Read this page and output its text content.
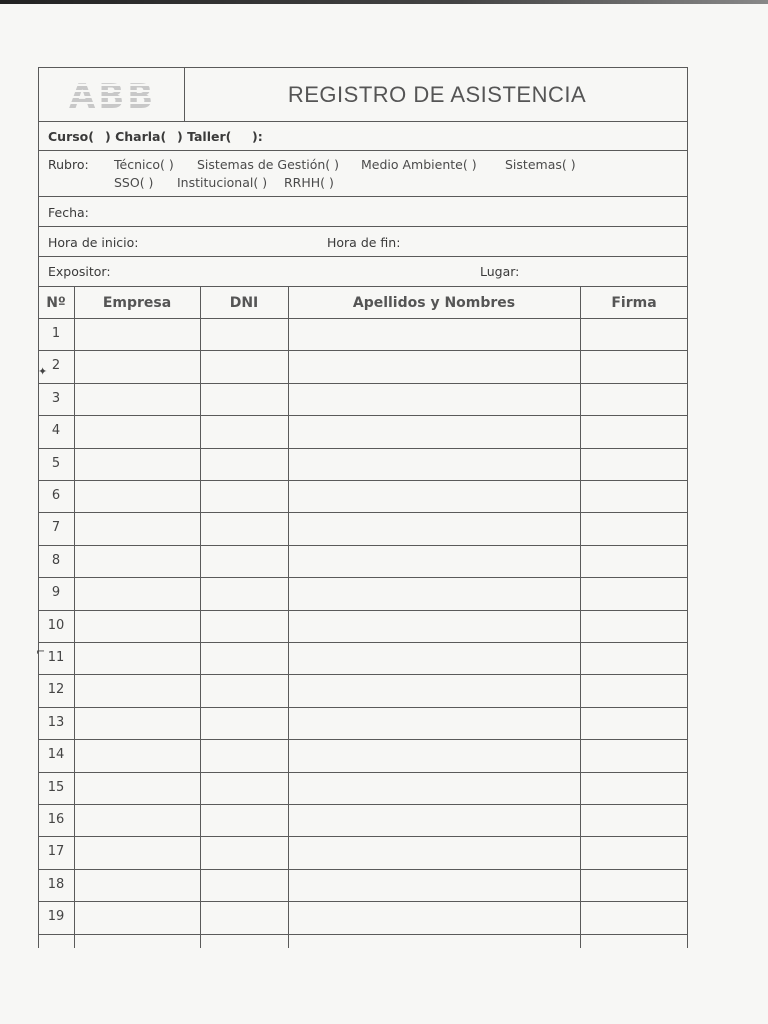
ABB	REGISTRO DE ASISTENCIA
Curso( ) Charla( ) Taller( ):
Rubro: Técnico( ) Sistemas de Gestión( ) Medio Ambiente( ) Sistemas( )
SSO( ) Institucional( ) RRHH( )
Fecha:
Hora de inicio:	Hora de fin:
Expositor:	Lugar:
Nº	Empresa	DNI	Apellidos y Nombres	Firma
1
2
3
4
5
6
7
8
9
10
11
12
13
14
15
16
17
18
19
✦
⌐
